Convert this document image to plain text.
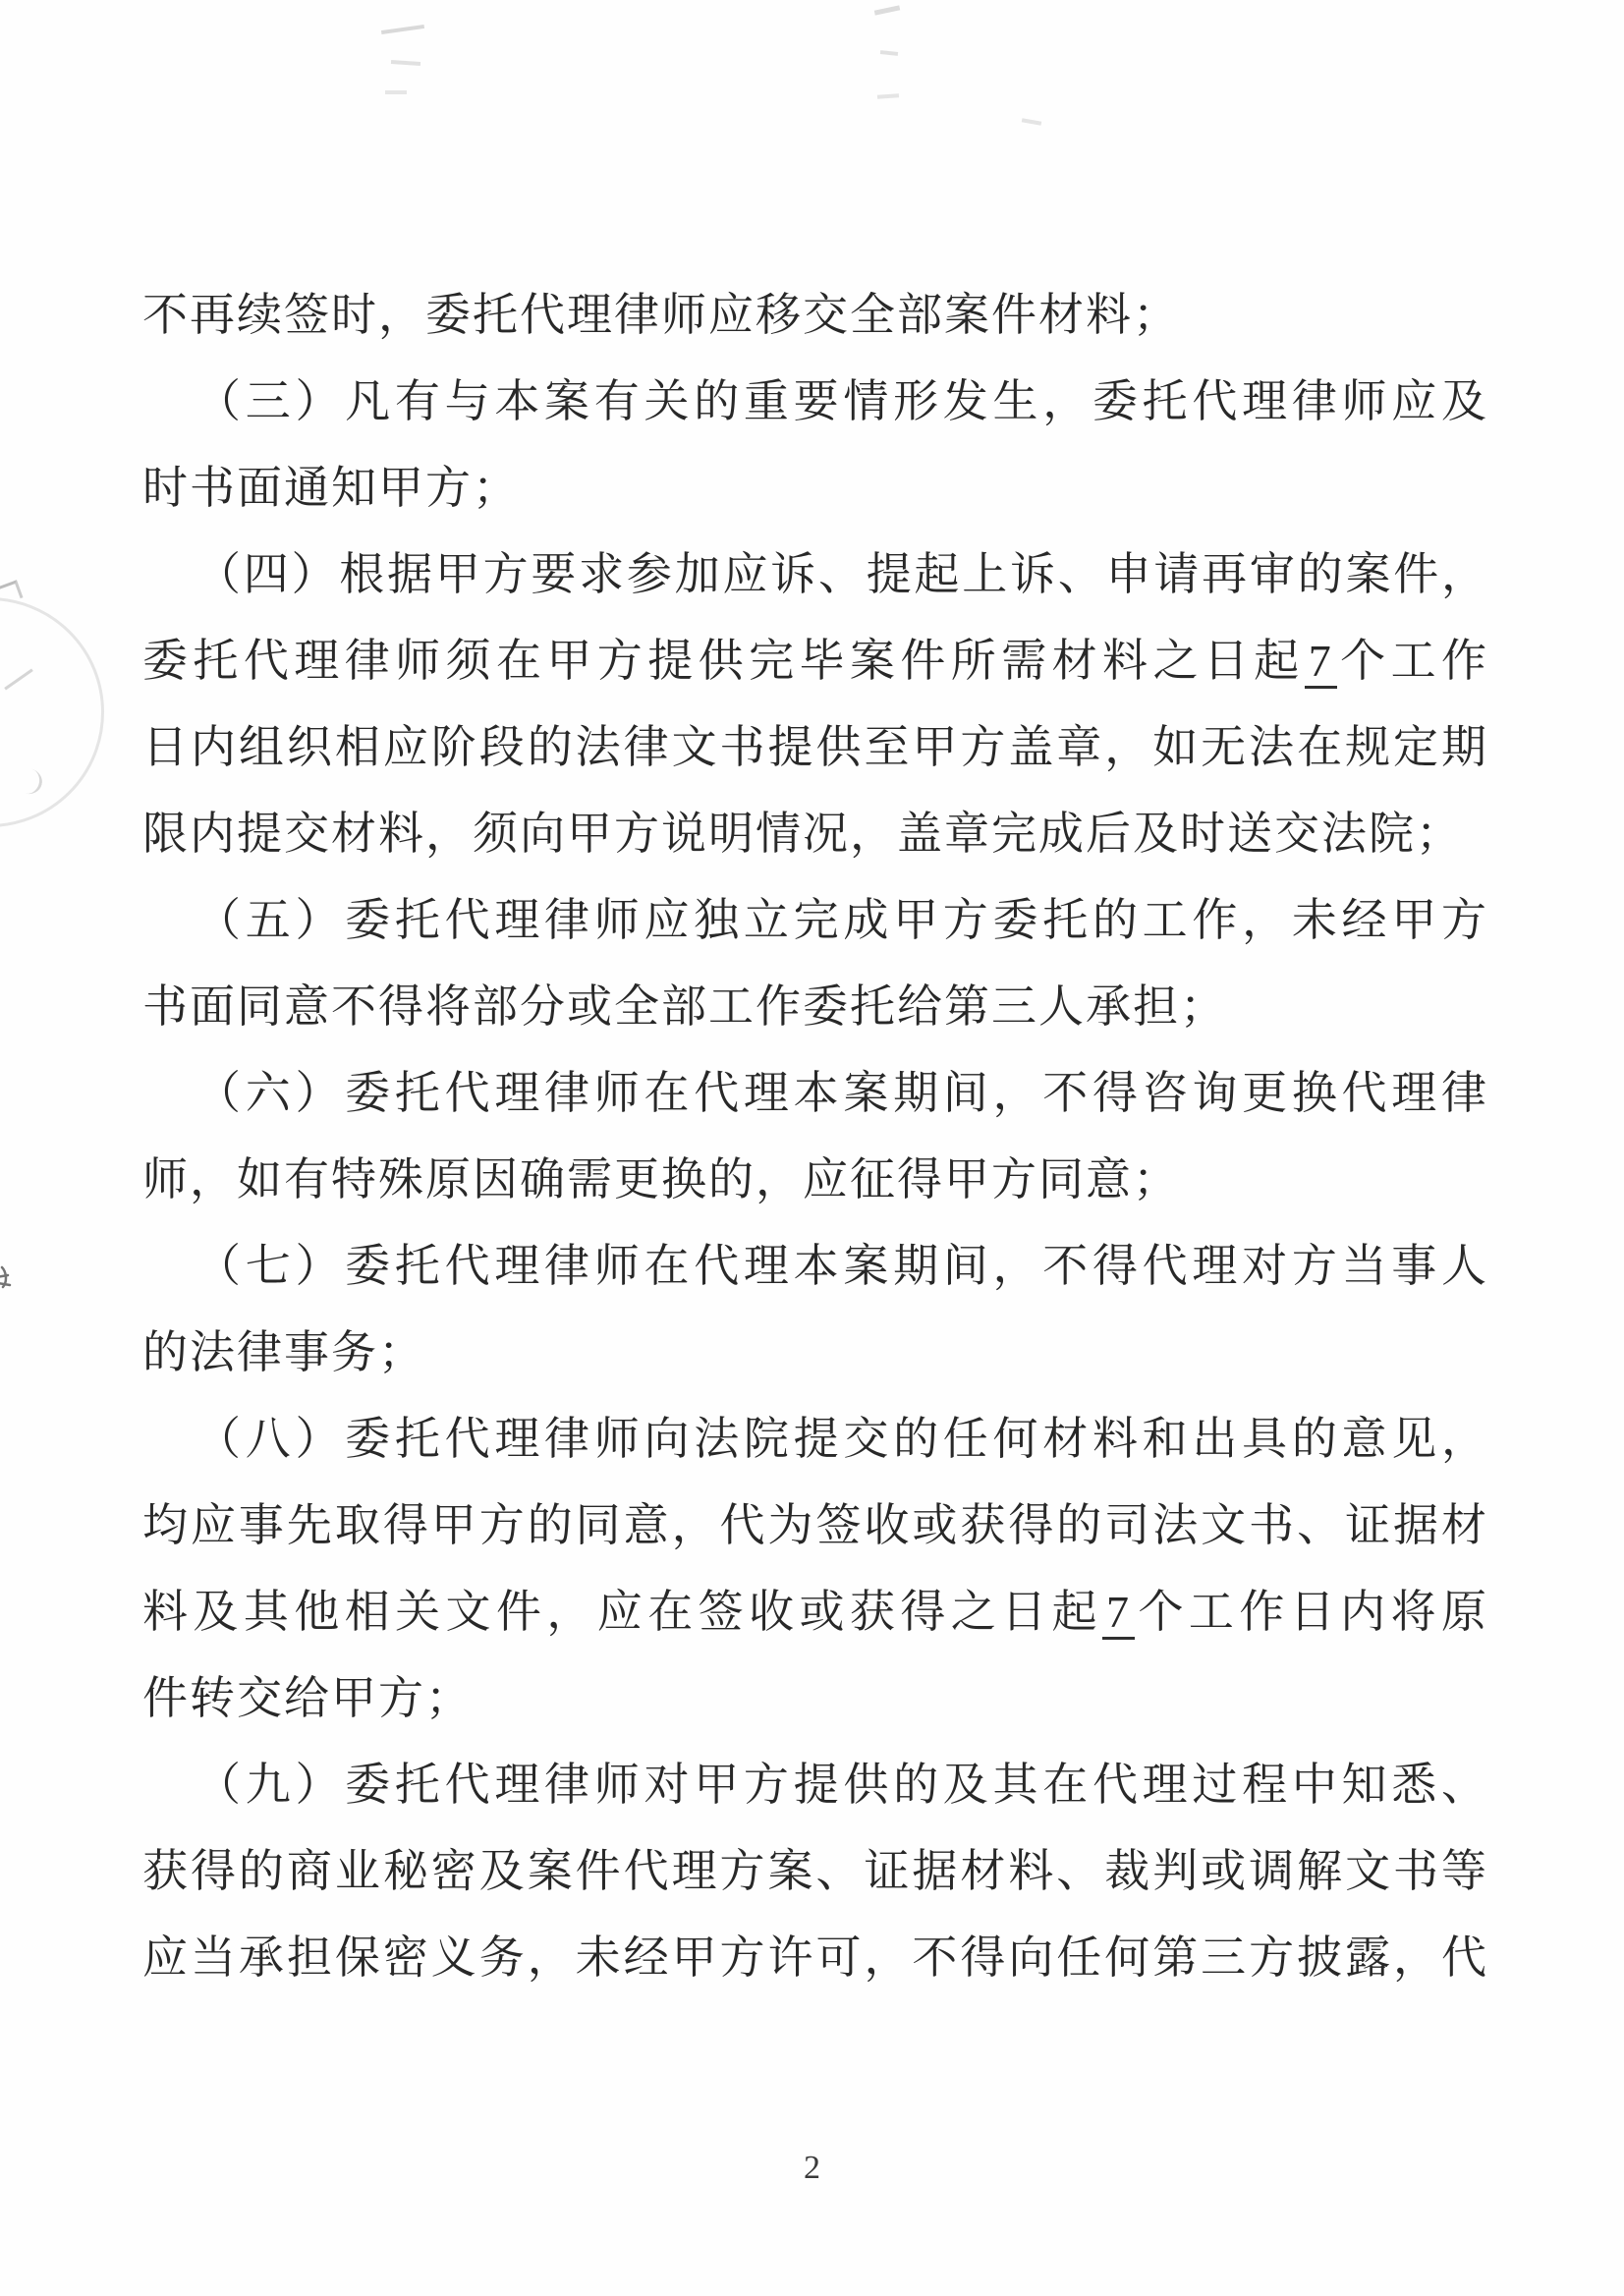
不再续签时，委托代理律师应移交全部案件材料；
（三）凡有与本案有关的重要情形发生，委托代理律师应及
时书面通知甲方；
（四）根据甲方要求参加应诉、提起上诉、申请再审的案件，
委托代理律师须在甲方提供完毕案件所需材料之日起7个工作
日内组织相应阶段的法律文书提供至甲方盖章，如无法在规定期
限内提交材料，须向甲方说明情况，盖章完成后及时送交法院；
（五）委托代理律师应独立完成甲方委托的工作，未经甲方
书面同意不得将部分或全部工作委托给第三人承担；
（六）委托代理律师在代理本案期间，不得咨询更换代理律
师，如有特殊原因确需更换的，应征得甲方同意；
（七）委托代理律师在代理本案期间，不得代理对方当事人
的法律事务；
（八）委托代理律师向法院提交的任何材料和出具的意见，
均应事先取得甲方的同意，代为签收或获得的司法文书、证据材
料及其他相关文件，应在签收或获得之日起7个工作日内将原
件转交给甲方；
（九）委托代理律师对甲方提供的及其在代理过程中知悉、
获得的商业秘密及案件代理方案、证据材料、裁判或调解文书等
应当承担保密义务，未经甲方许可，不得向任何第三方披露，代
2
